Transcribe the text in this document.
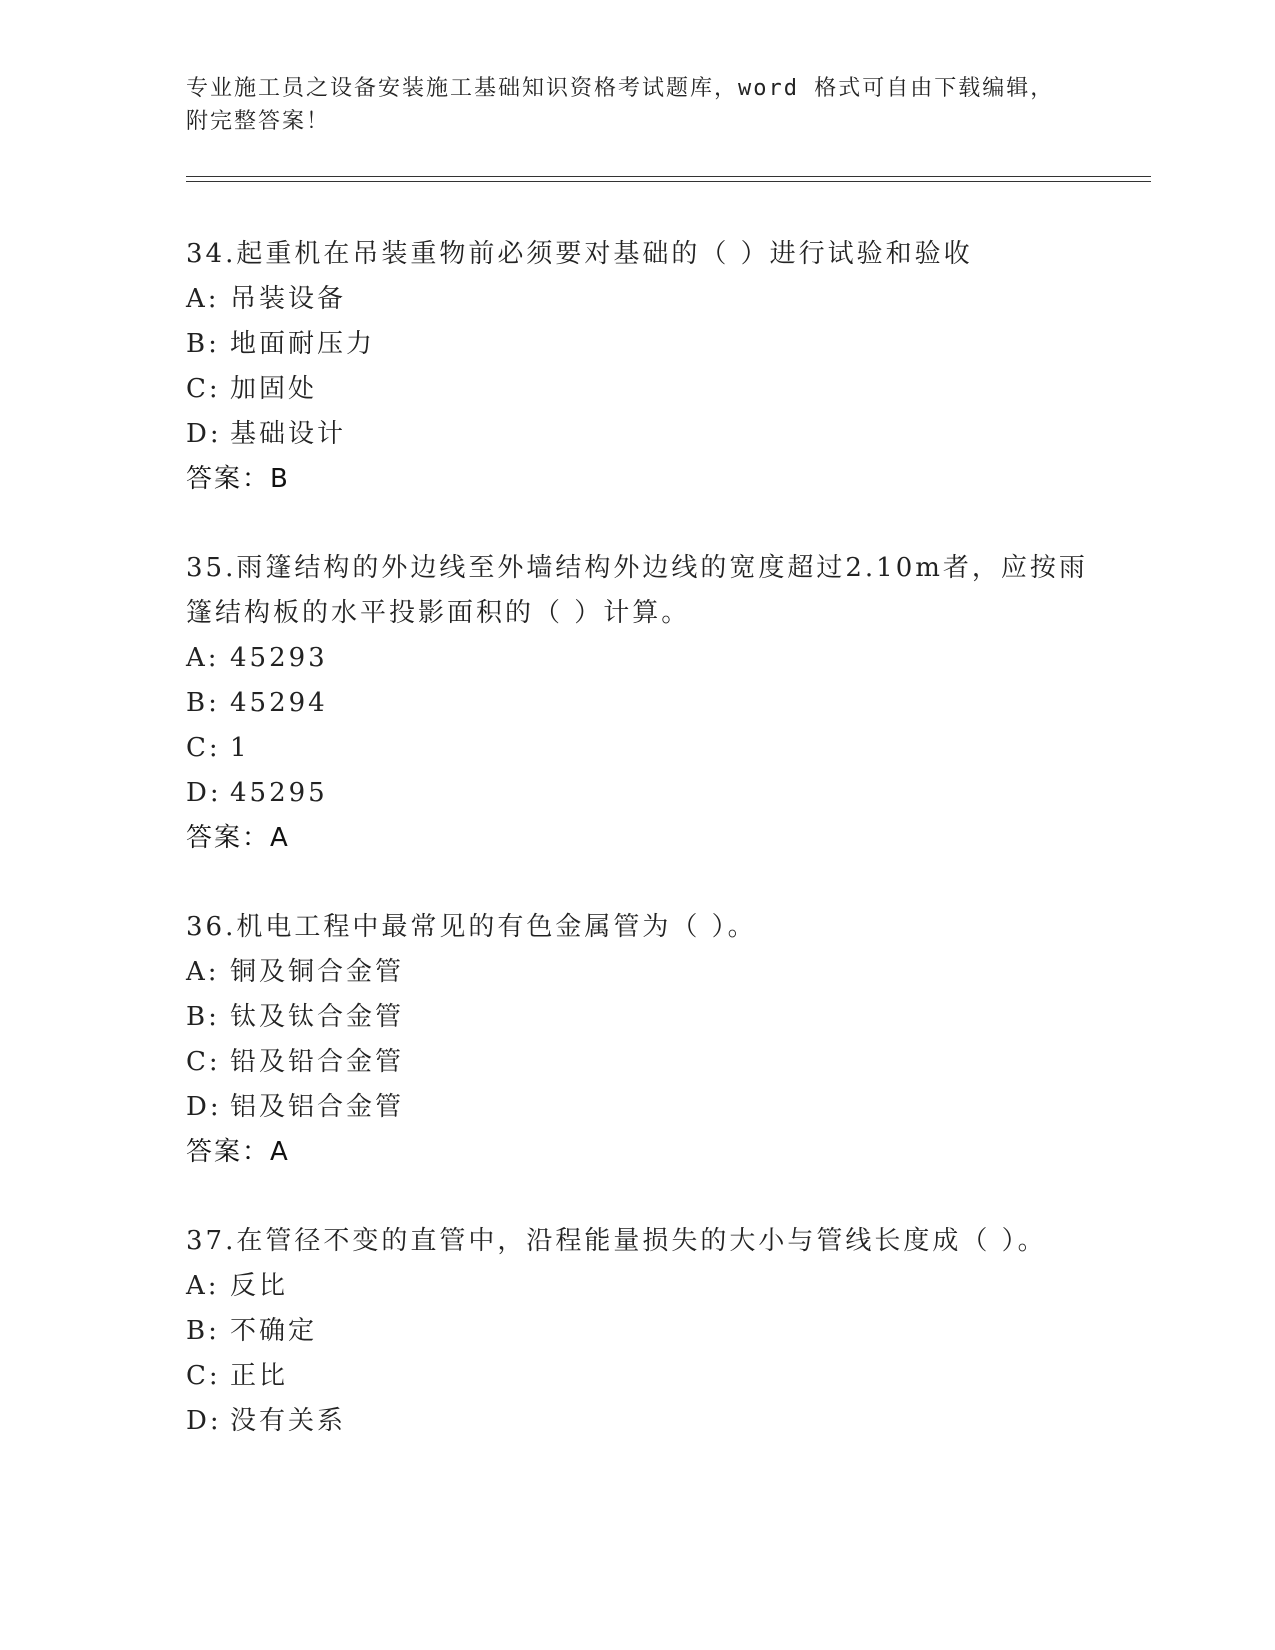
专业施工员之设备安装施工基础知识资格考试题库，word 格式可自由下载编辑，
附完整答案！

34.起重机在吊装重物前必须要对基础的（ ）进行试验和验收

A: 吊装设备

B: 地面耐压力

C: 加固处

D: 基础设计

答案：B

35.雨篷结构的外边线至外墙结构外边线的宽度超过2.10m者，应按雨篷结构板的水平投影面积的（ ）计算。

A: 45293

B: 45294

C: 1

D: 45295

答案：A

36.机电工程中最常见的有色金属管为（ ）。

A: 铜及铜合金管

B: 钛及钛合金管

C: 铅及铅合金管

D: 铝及铝合金管

答案：A

37.在管径不变的直管中，沿程能量损失的大小与管线长度成（ ）。

A: 反比

B: 不确定

C: 正比

D: 没有关系
